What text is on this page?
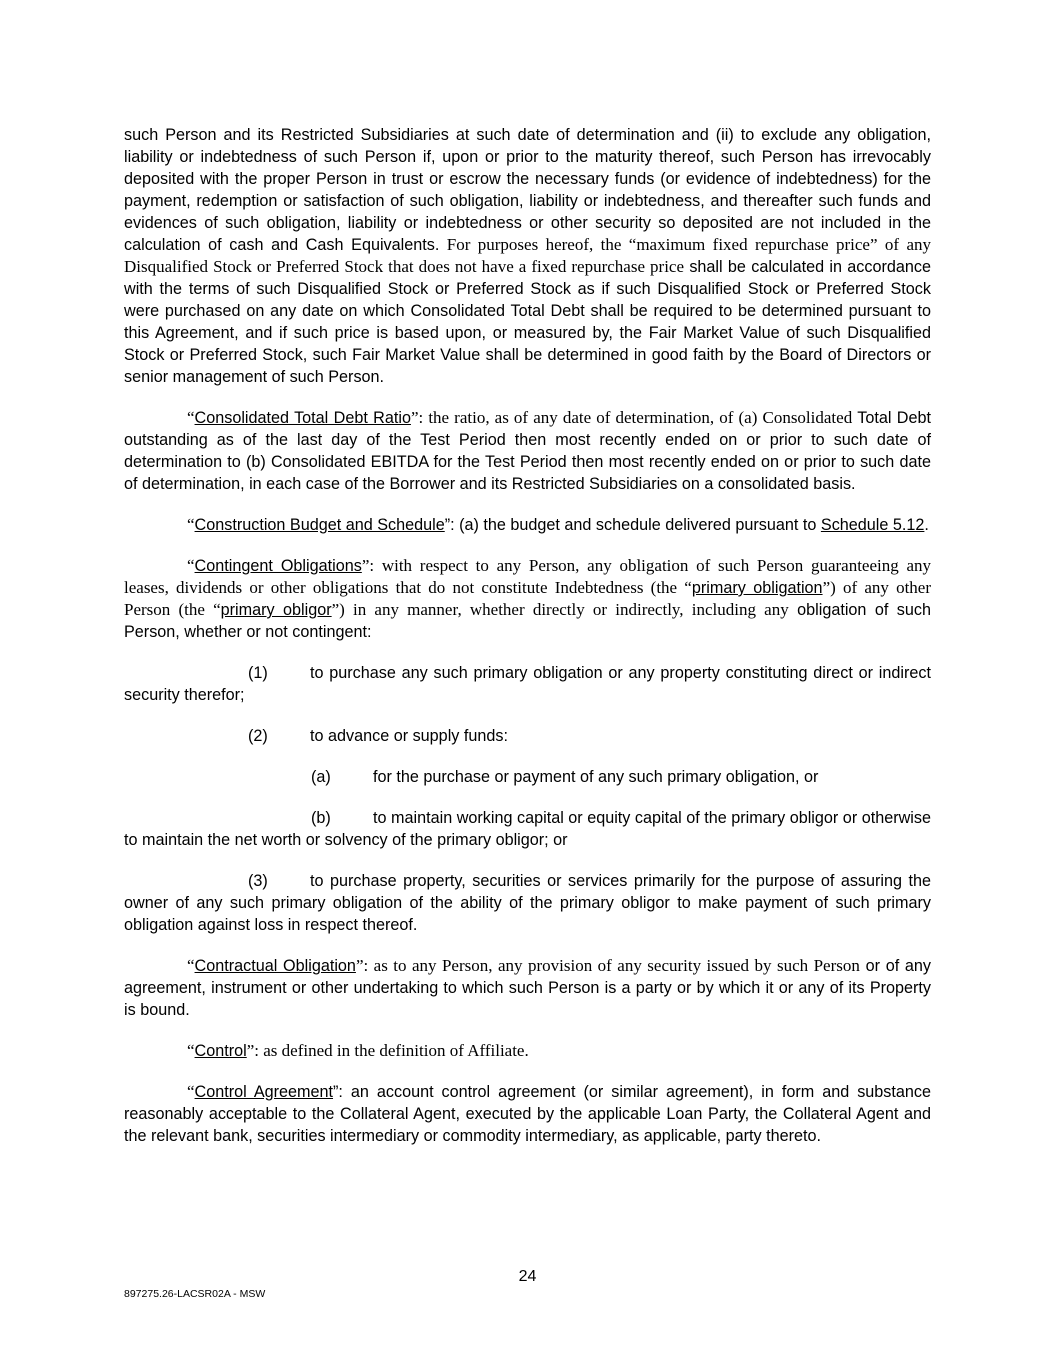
such Person and its Restricted Subsidiaries at such date of determination and (ii) to exclude any obligation, liability or indebtedness of such Person if, upon or prior to the maturity thereof, such Person has irrevocably deposited with the proper Person in trust or escrow the necessary funds (or evidence of indebtedness) for the payment, redemption or satisfaction of such obligation, liability or indebtedness, and thereafter such funds and evidences of such obligation, liability or indebtedness or other security so deposited are not included in the calculation of cash and Cash Equivalents. For purposes hereof, the “maximum fixed repurchase price” of any Disqualified Stock or Preferred Stock that does not have a fixed repurchase price shall be calculated in accordance with the terms of such Disqualified Stock or Preferred Stock as if such Disqualified Stock or Preferred Stock were purchased on any date on which Consolidated Total Debt shall be required to be determined pursuant to this Agreement, and if such price is based upon, or measured by, the Fair Market Value of such Disqualified Stock or Preferred Stock, such Fair Market Value shall be determined in good faith by the Board of Directors or senior management of such Person.

“Consolidated Total Debt Ratio”: the ratio, as of any date of determination, of (a) Consolidated Total Debt outstanding as of the last day of the Test Period then most recently ended on or prior to such date of determination to (b) Consolidated EBITDA for the Test Period then most recently ended on or prior to such date of determination, in each case of the Borrower and its Restricted Subsidiaries on a consolidated basis.

“Construction Budget and Schedule”: (a) the budget and schedule delivered pursuant to Schedule 5.12.

“Contingent Obligations”: with respect to any Person, any obligation of such Person guaranteeing any leases, dividends or other obligations that do not constitute Indebtedness (the “primary obligation”) of any other Person (the “primary obligor”) in any manner, whether directly or indirectly, including any obligation of such Person, whether or not contingent:

(1)	to purchase any such primary obligation or any property constituting direct or indirect security therefor;

(2)	to advance or supply funds:

(a)	for the purchase or payment of any such primary obligation, or

(b)	to maintain working capital or equity capital of the primary obligor or otherwise to maintain the net worth or solvency of the primary obligor; or

(3)	to purchase property, securities or services primarily for the purpose of assuring the owner of any such primary obligation of the ability of the primary obligor to make payment of such primary obligation against loss in respect thereof.

“Contractual Obligation”: as to any Person, any provision of any security issued by such Person or of any agreement, instrument or other undertaking to which such Person is a party or by which it or any of its Property is bound.

“Control”: as defined in the definition of Affiliate.

“Control Agreement”: an account control agreement (or similar agreement), in form and substance reasonably acceptable to the Collateral Agent, executed by the applicable Loan Party, the Collateral Agent and the relevant bank, securities intermediary or commodity intermediary, as applicable, party thereto.

24
897275.26-LACSR02A - MSW
